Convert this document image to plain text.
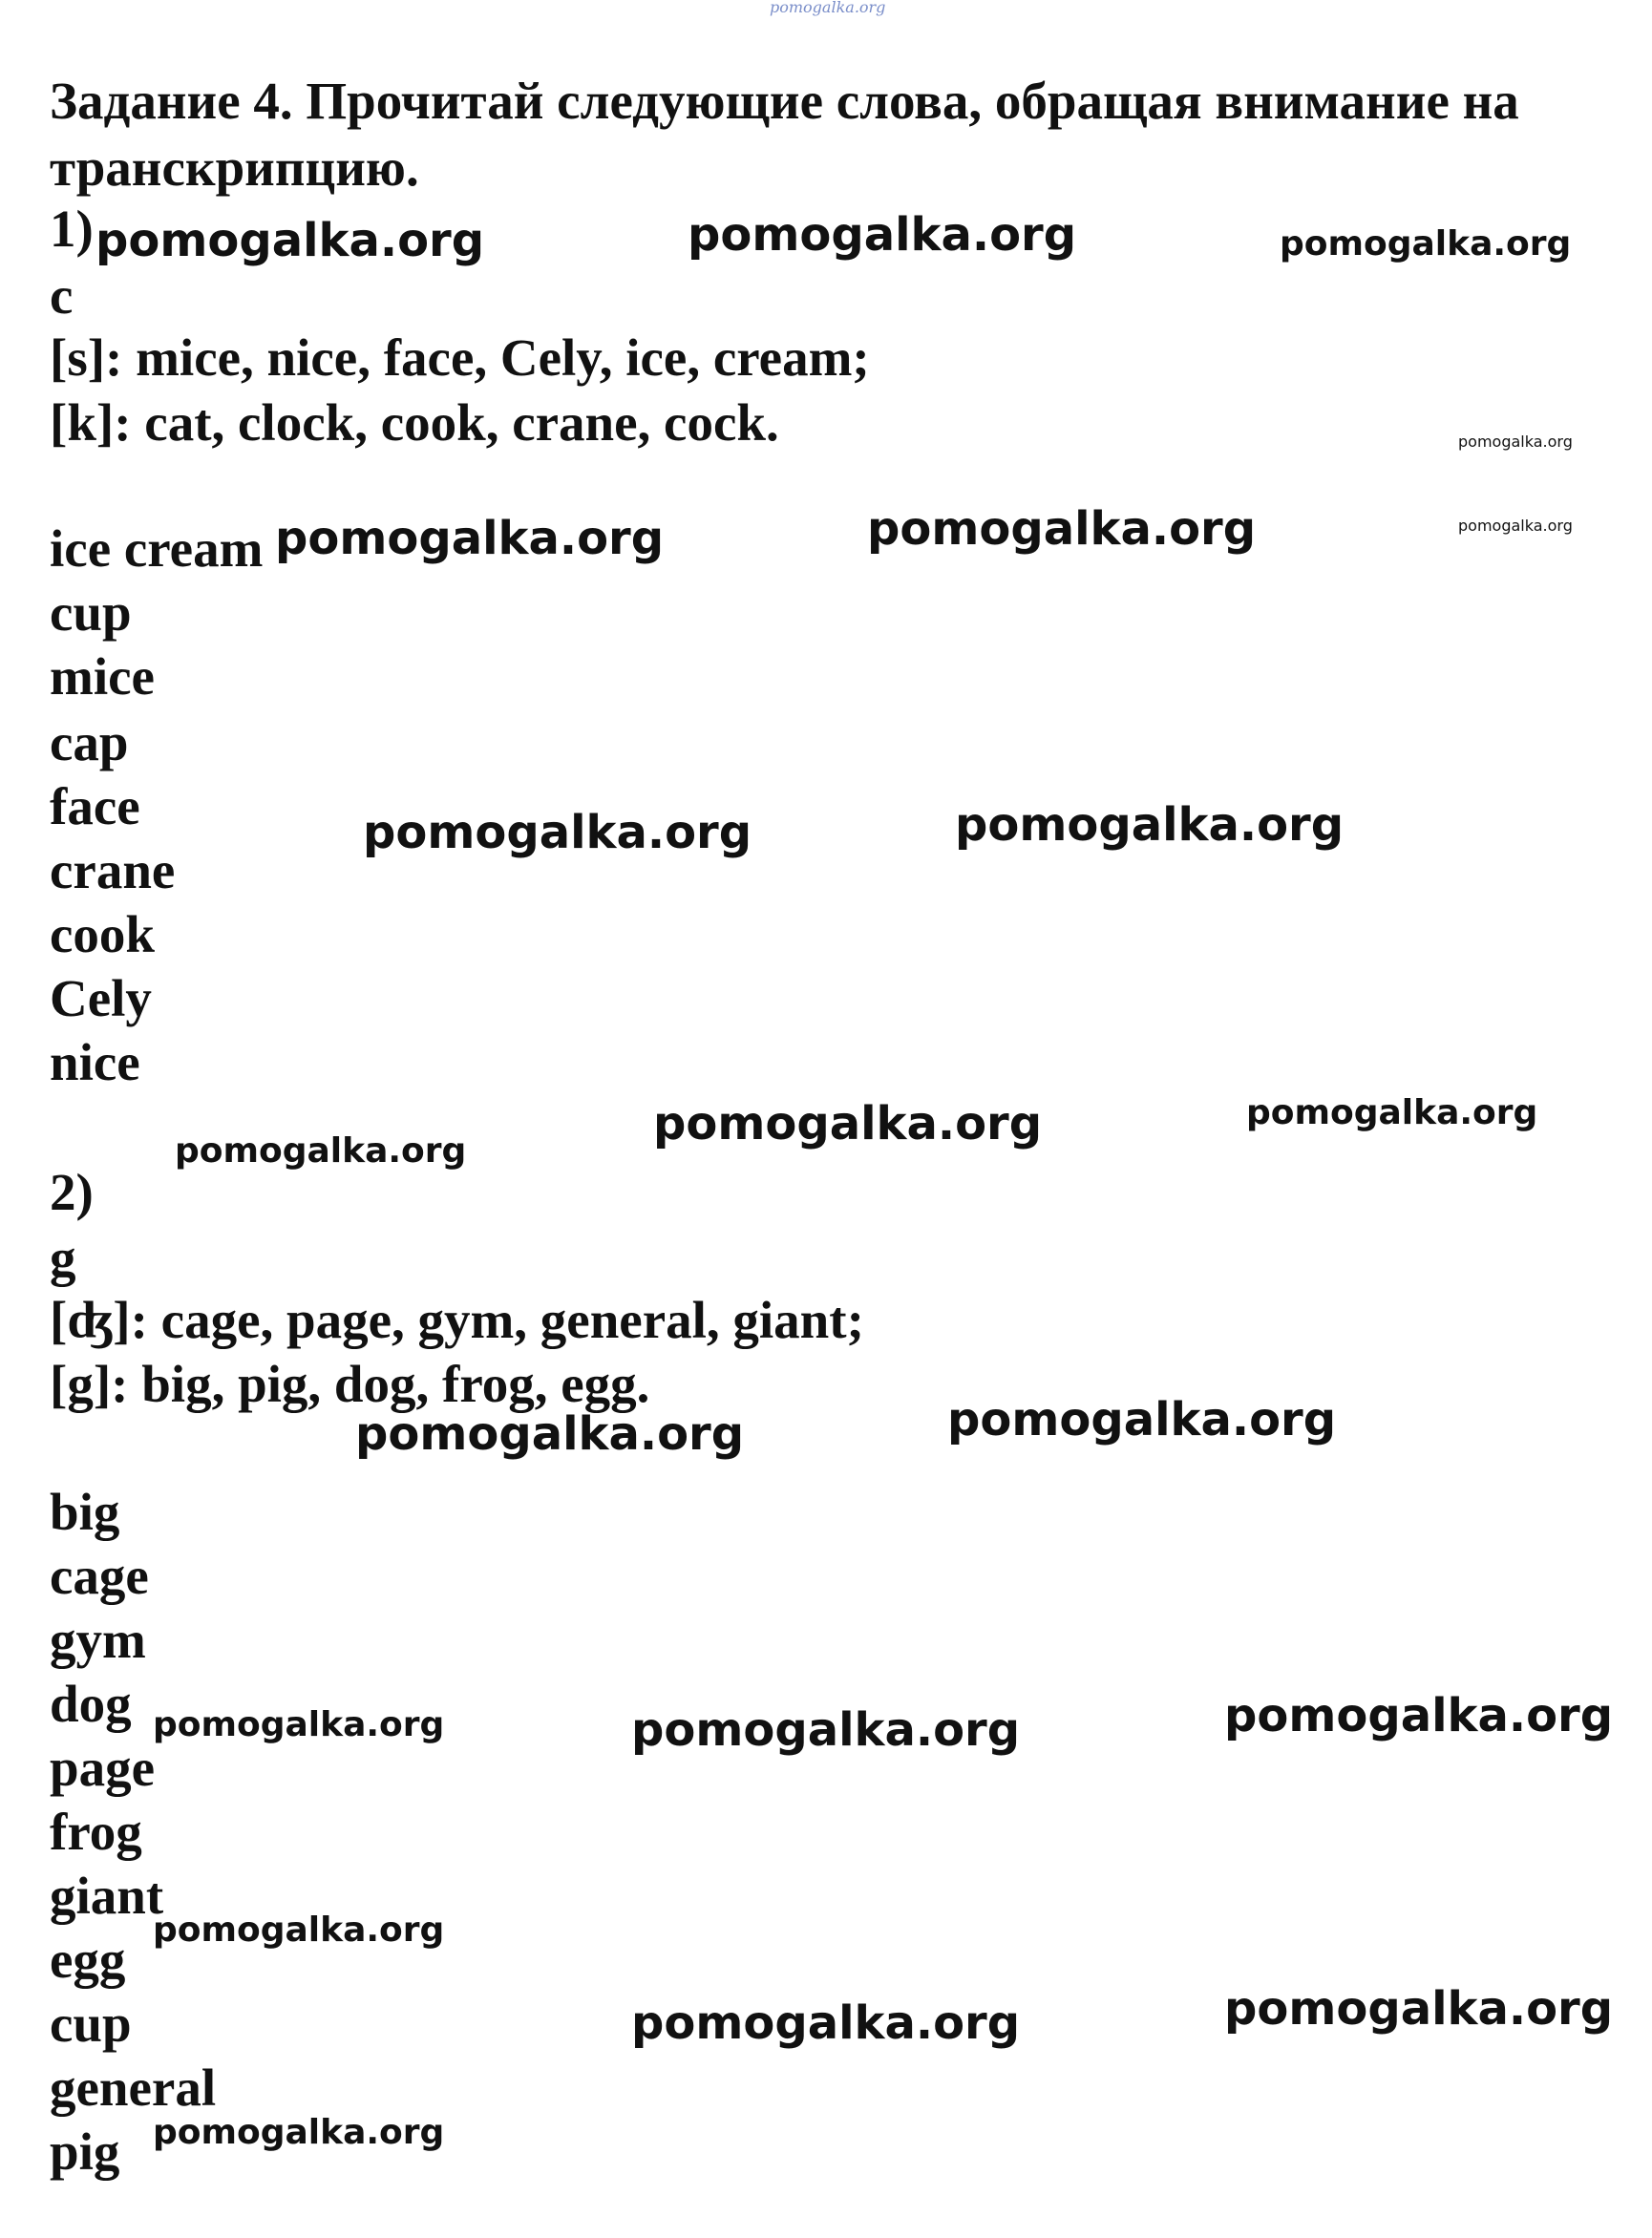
pomogalka.org
Задание 4. Прочитай следующие слова, обращая внимание на
транскрипцию.
1)
c
[s]: mice, nice, face, Cely, ice, cream;
[k]: cat, clock, cook, crane, cock.
ice cream
cup
mice
cap
face
crane
cook
Cely
nice
2)
g
[ʤ]: cage, page, gym, general, giant;
[g]: big, pig, dog, frog, egg.
big
cage
gym
dog
page
frog
giant
egg
cup
general
pig
pomogalka.org	pomogalka.org	pomogalka.org
pomogalka.org
pomogalka.org
pomogalka.org	pomogalka.org
pomogalka.org	pomogalka.org
pomogalka.org
pomogalka.org	pomogalka.org
pomogalka.org	pomogalka.org
pomogalka.org	pomogalka.org	pomogalka.org
pomogalka.org
pomogalka.org	pomogalka.org
pomogalka.org
